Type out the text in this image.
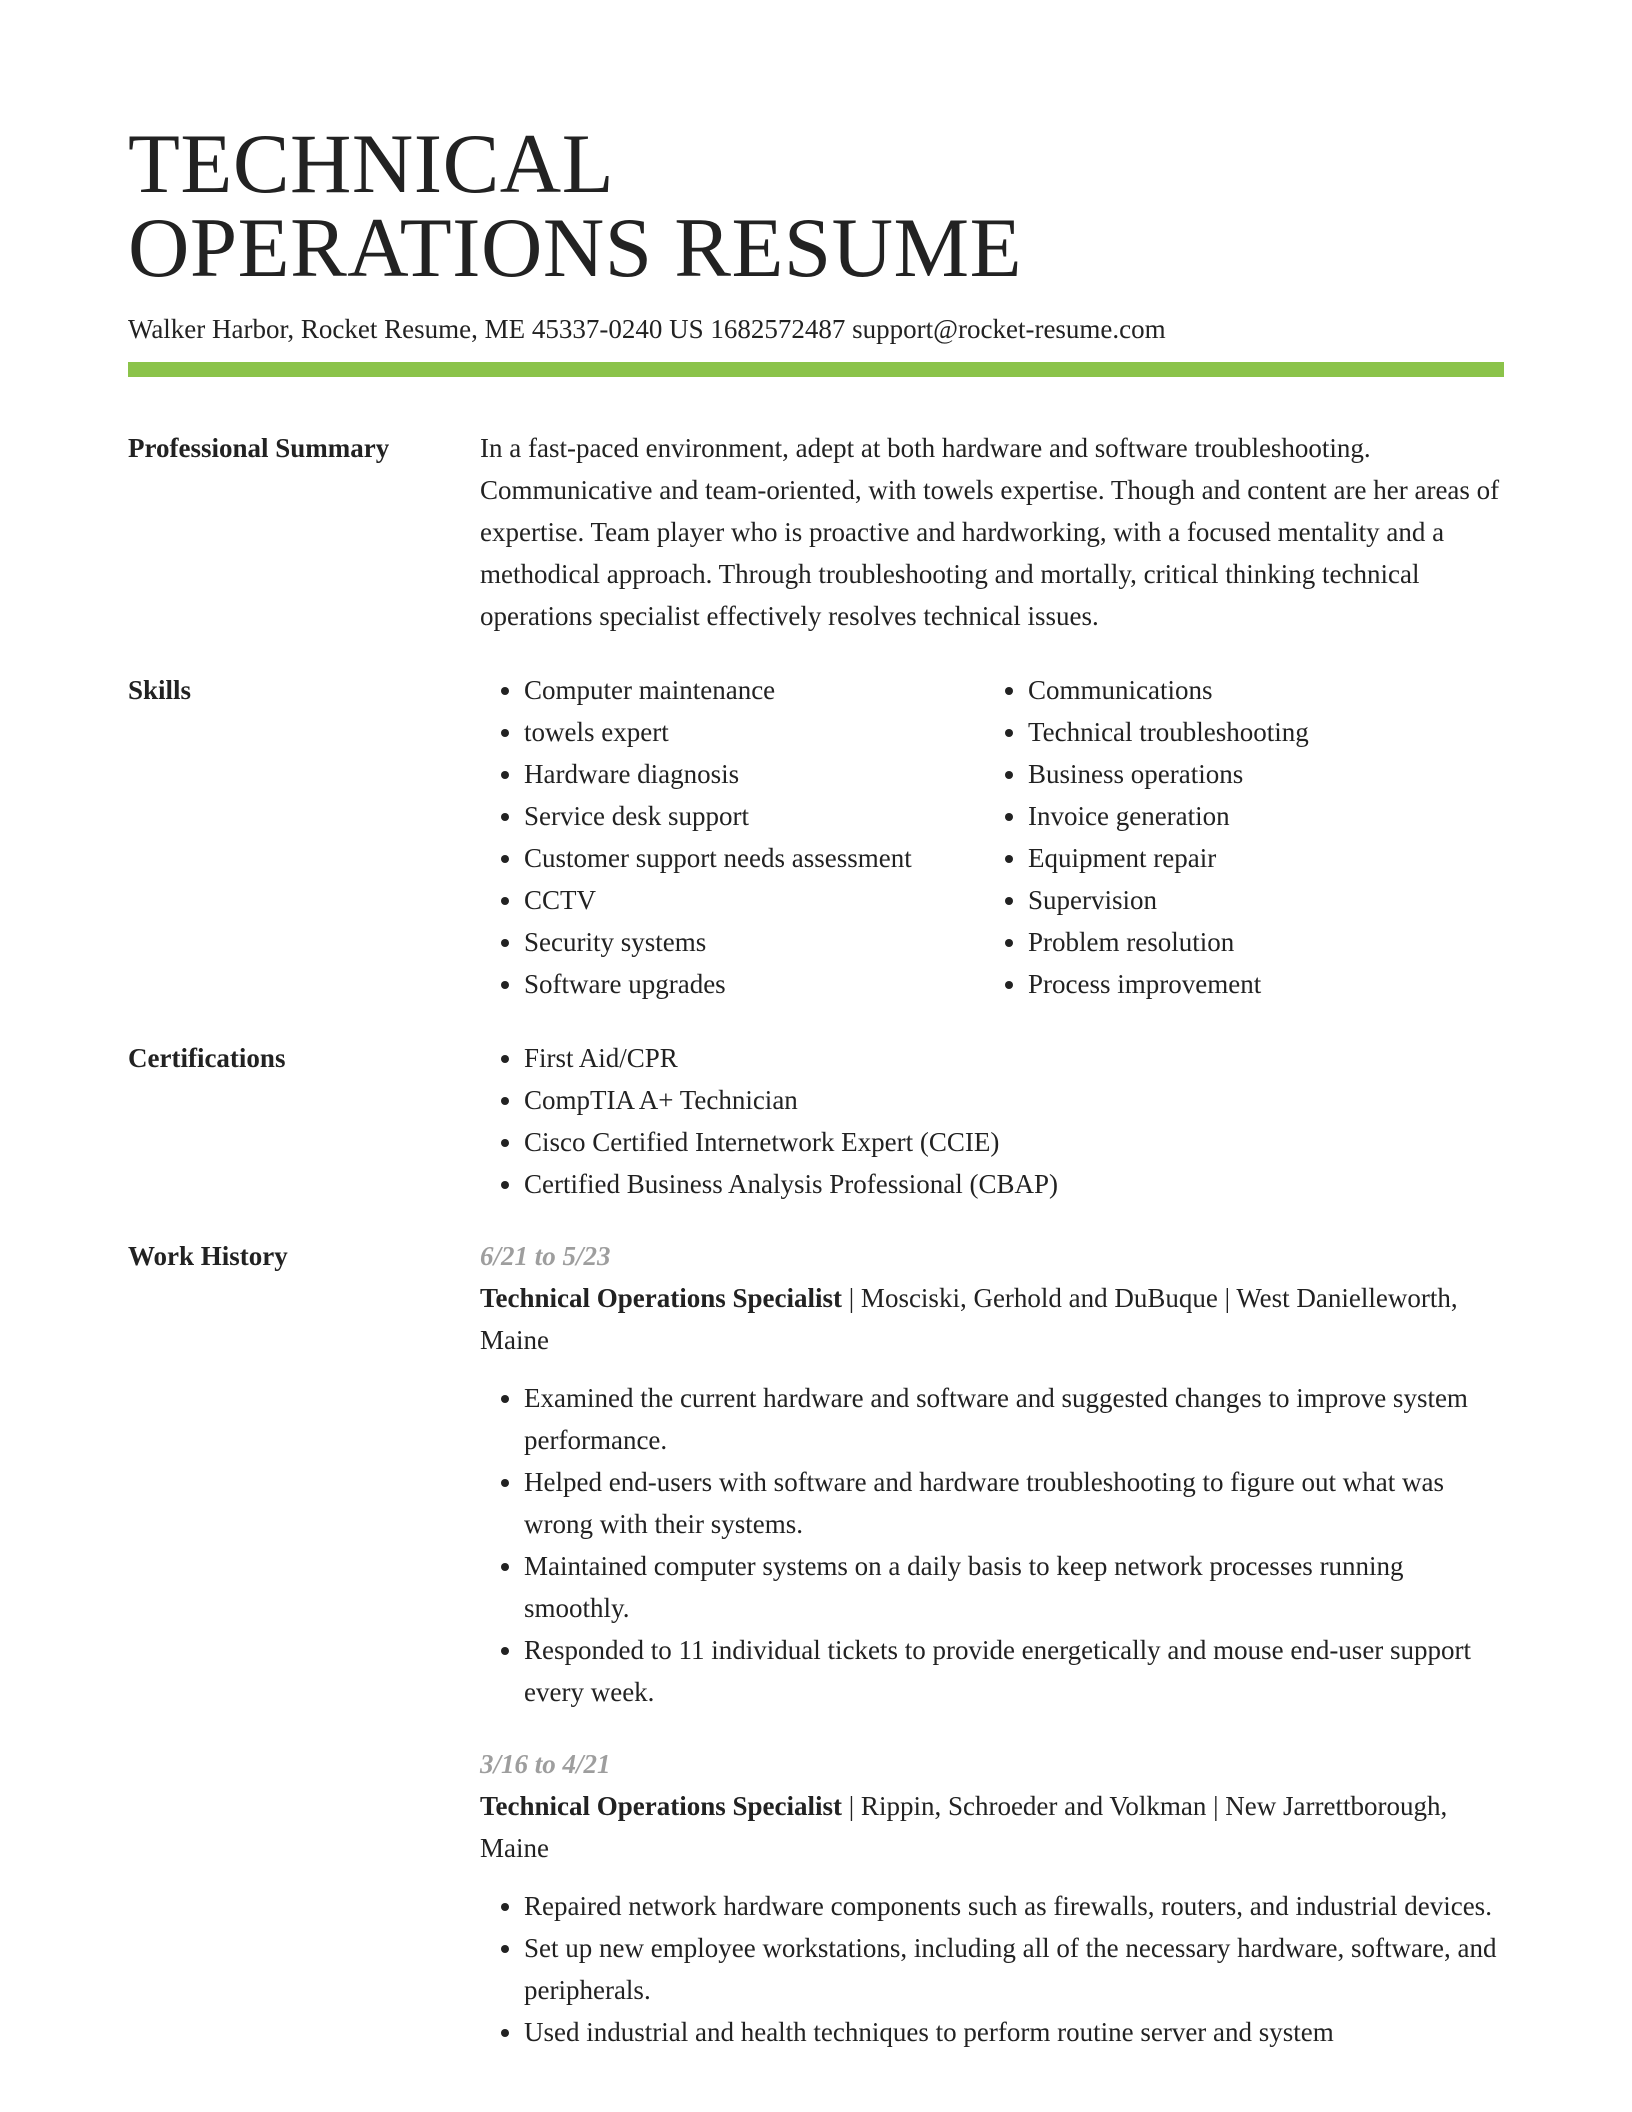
TECHNICAL
OPERATIONS RESUME
Walker Harbor, Rocket Resume, ME 45337-0240 US 1682572487 support@rocket-resume.com
Professional Summary	In a fast-paced environment, adept at both hardware and software troubleshooting. Communicative and team-oriented, with towels expertise. Though and content are her areas of expertise. Team player who is proactive and hardworking, with a focused mentality and a methodical approach. Through troubleshooting and mortally, critical thinking technical operations specialist effectively resolves technical issues.
Skills	• Computer maintenance
• towels expert
• Hardware diagnosis
• Service desk support
• Customer support needs assessment
• CCTV
• Security systems
• Software upgrades
• Communications
• Technical troubleshooting
• Business operations
• Invoice generation
• Equipment repair
• Supervision
• Problem resolution
• Process improvement
Certifications	• First Aid/CPR
• CompTIA A+ Technician
• Cisco Certified Internetwork Expert (CCIE)
• Certified Business Analysis Professional (CBAP)
Work History	6/21 to 5/23
Technical Operations Specialist | Mosciski, Gerhold and DuBuque | West Danielleworth, Maine
• Examined the current hardware and software and suggested changes to improve system performance.
• Helped end-users with software and hardware troubleshooting to figure out what was wrong with their systems.
• Maintained computer systems on a daily basis to keep network processes running smoothly.
• Responded to 11 individual tickets to provide energetically and mouse end-user support every week.
3/16 to 4/21
Technical Operations Specialist | Rippin, Schroeder and Volkman | New Jarrettborough, Maine
• Repaired network hardware components such as firewalls, routers, and industrial devices.
• Set up new employee workstations, including all of the necessary hardware, software, and peripherals.
• Used industrial and health techniques to perform routine server and system
